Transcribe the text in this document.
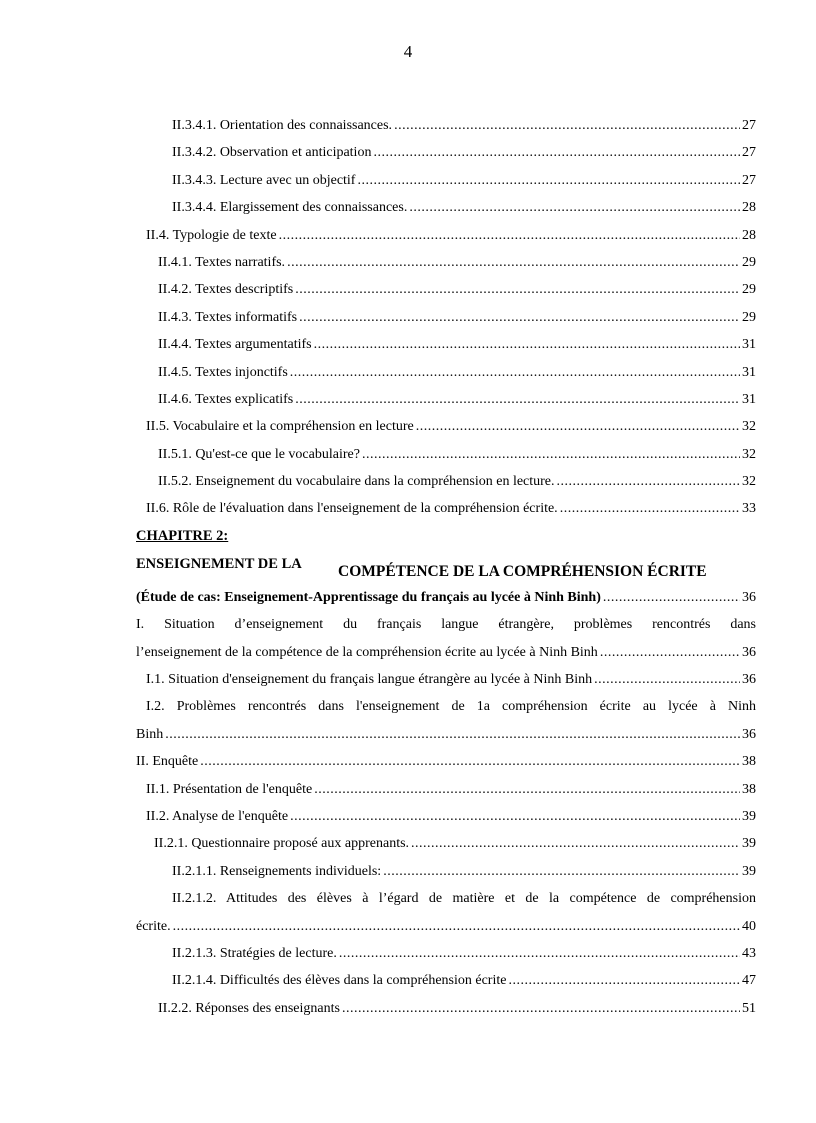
4
II.3.4.1. Orientation des connaissances. .....	27
II.3.4.2. Observation et anticipation .....	27
II.3.4.3. Lecture avec un objectif .....	27
II.3.4.4. Elargissement des connaissances. .....	28
II.4. Typologie de texte .....	28
II.4.1. Textes narratifs. .....	29
II.4.2. Textes descriptifs .....	29
II.4.3. Textes informatifs .....	29
II.4.4. Textes argumentatifs .....	31
II.4.5. Textes injonctifs .....	31
II.4.6. Textes explicatifs .....	31
II.5. Vocabulaire et la compréhension en lecture .....	32
II.5.1. Qu'est-ce que le vocabulaire? .....	32
II.5.2. Enseignement du vocabulaire dans la compréhension en lecture. .....	32
II.6. Rôle de l'évaluation dans l'enseignement de la compréhension écrite. .....	33
CHAPITRE 2:
ENSEIGNEMENT DE LA COMPÉTENCE DE LA COMPRÉHENSION ÉCRITE
(Étude de cas: Enseignement-Apprentissage du français au lycée à Ninh Binh) .....	36
I. Situation d’enseignement du français langue étrangère, problèmes rencontrés dans
l’enseignement de la compétence de la compréhension écrite au lycée à Ninh Binh .....	36
I.1. Situation d'enseignement du français langue étrangère au lycée à Ninh Binh .....	36
I.2. Problèmes rencontrés dans l'enseignement de 1a compréhension écrite au lycée à Ninh
Binh .....	36
II. Enquête .....	38
II.1. Présentation de l'enquête .....	38
II.2. Analyse de l'enquête .....	39
II.2.1. Questionnaire proposé aux apprenants. .....	39
II.2.1.1. Renseignements individuels: .....	39
II.2.1.2. Attitudes des élèves à l’égard de matière et de la compétence de compréhension
écrite. .....	40
II.2.1.3. Stratégies de lecture. .....	43
II.2.1.4. Difficultés des élèves dans la compréhension écrite .....	47
II.2.2. Réponses des enseignants .....	51
